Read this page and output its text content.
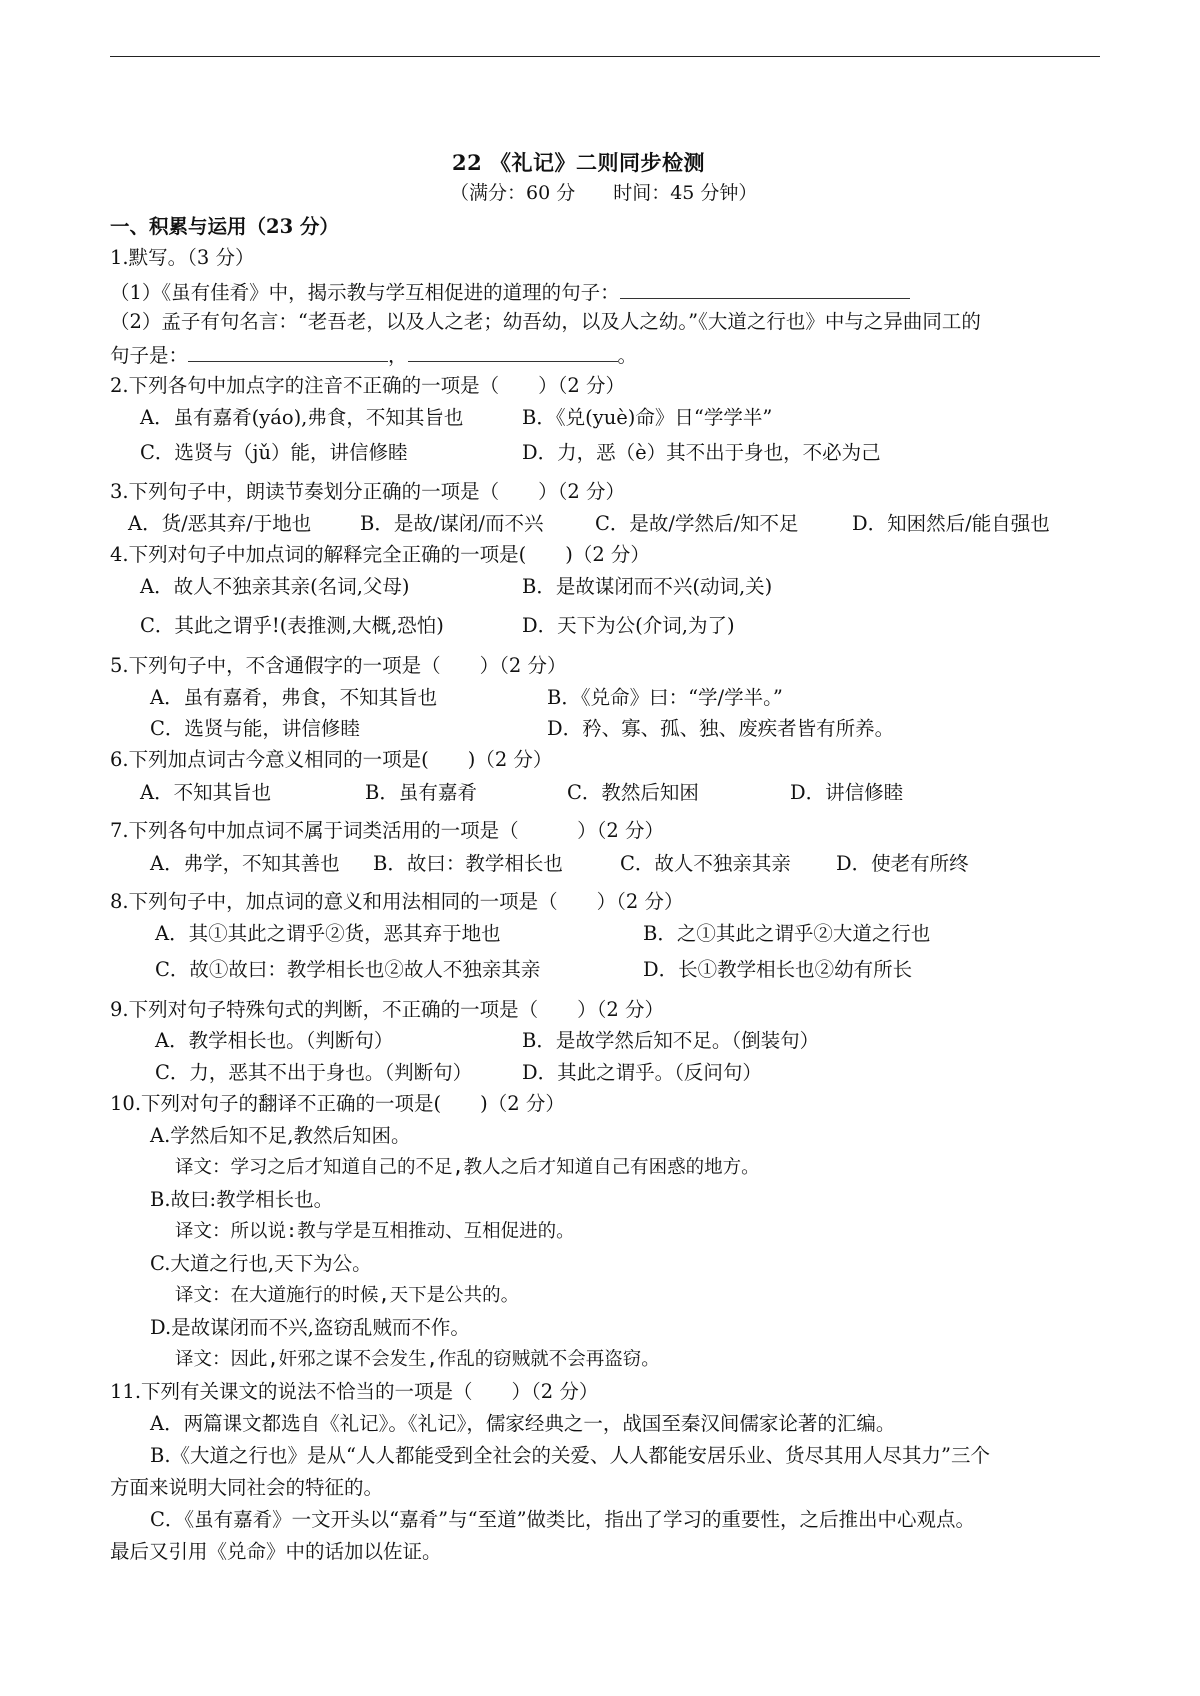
22 《礼记》二则同步检测
（满分：60 分　　时间：45 分钟）
一、积累与运用（23 分）
1.默写。（3 分）
（1）《虽有佳肴》中，揭示教与学互相促进的道理的句子：
（2）孟子有句名言：“老吾老，以及人之老；幼吾幼，以及人之幼。”《大道之行也》中与之异曲同工的
句子是：	，	。
2.下列各句中加点字的注音不正确的一项是（　　）（2 分）
A．虽有嘉肴(yáo),弗食，不知其旨也	B．《兑(yuè)命》日“学学半”
C．选贤与（jǔ）能，讲信修睦	D．力，恶（è）其不出于身也，不必为己
3.下列句子中，朗读节奏划分正确的一项是（　　）（2 分）
A．货/恶其弃/于地也	B．是故/谋闭/而不兴	C．是故/学然后/知不足	D．知困然后/能自强也
4.下列对句子中加点词的解释完全正确的一项是(　　)（2 分）
A．故人不独亲其亲(名词,父母)	B．是故谋闭而不兴(动词,关)
C．其此之谓乎!(表推测,大概,恐怕)	D．天下为公(介词,为了)
5.下列句子中，不含通假字的一项是（　　）（2 分）
A．虽有嘉肴，弗食，不知其旨也	B．《兑命》曰：“学/学半。”
C．选贤与能，讲信修睦	D．矜、寡、孤、独、废疾者皆有所养。
6.下列加点词古今意义相同的一项是(　　)（2 分）
A．不知其旨也	B．虽有嘉肴	C．教然后知困	D．讲信修睦
7.下列各句中加点词不属于词类活用的一项是（　　　）（2 分）
A．弗学，不知其善也 B．故曰：教学相长也	C．故人不独亲其亲 D．使老有所终
8.下列句子中，加点词的意义和用法相同的一项是（　　）（2 分）
A．其①其此之谓乎②货，恶其弃于地也	B．之①其此之谓乎②大道之行也
C．故①故曰：教学相长也②故人不独亲其亲	D．长①教学相长也②幼有所长
9.下列对句子特殊句式的判断，不正确的一项是（　　）（2 分）
A．教学相长也。（判断句）	B．是故学然后知不足。（倒装句）
C．力，恶其不出于身也。（判断句）	D．其此之谓乎。（反问句）
10.下列对句子的翻译不正确的一项是(　　)（2 分）
A.学然后知不足,教然后知困。
译文：学习之后才知道自己的不足,教人之后才知道自己有困惑的地方。
B.故曰:教学相长也。
译文：所以说:教与学是互相推动、互相促进的。
C.大道之行也,天下为公。
译文：在大道施行的时候,天下是公共的。
D.是故谋闭而不兴,盗窃乱贼而不作。
译文：因此,奸邪之谋不会发生,作乱的窃贼就不会再盗窃。
11.下列有关课文的说法不恰当的一项是（　　）（2 分）
A．两篇课文都选自《礼记》。《礼记》，儒家经典之一，战国至秦汉间儒家论著的汇编。
B.《大道之行也》是从“人人都能受到全社会的关爱、人人都能安居乐业、货尽其用人尽其力”三个
方面来说明大同社会的特征的。
C．《虽有嘉肴》一文开头以“嘉肴”与“至道”做类比，指出了学习的重要性，之后推出中心观点。
最后又引用《兑命》中的话加以佐证。
